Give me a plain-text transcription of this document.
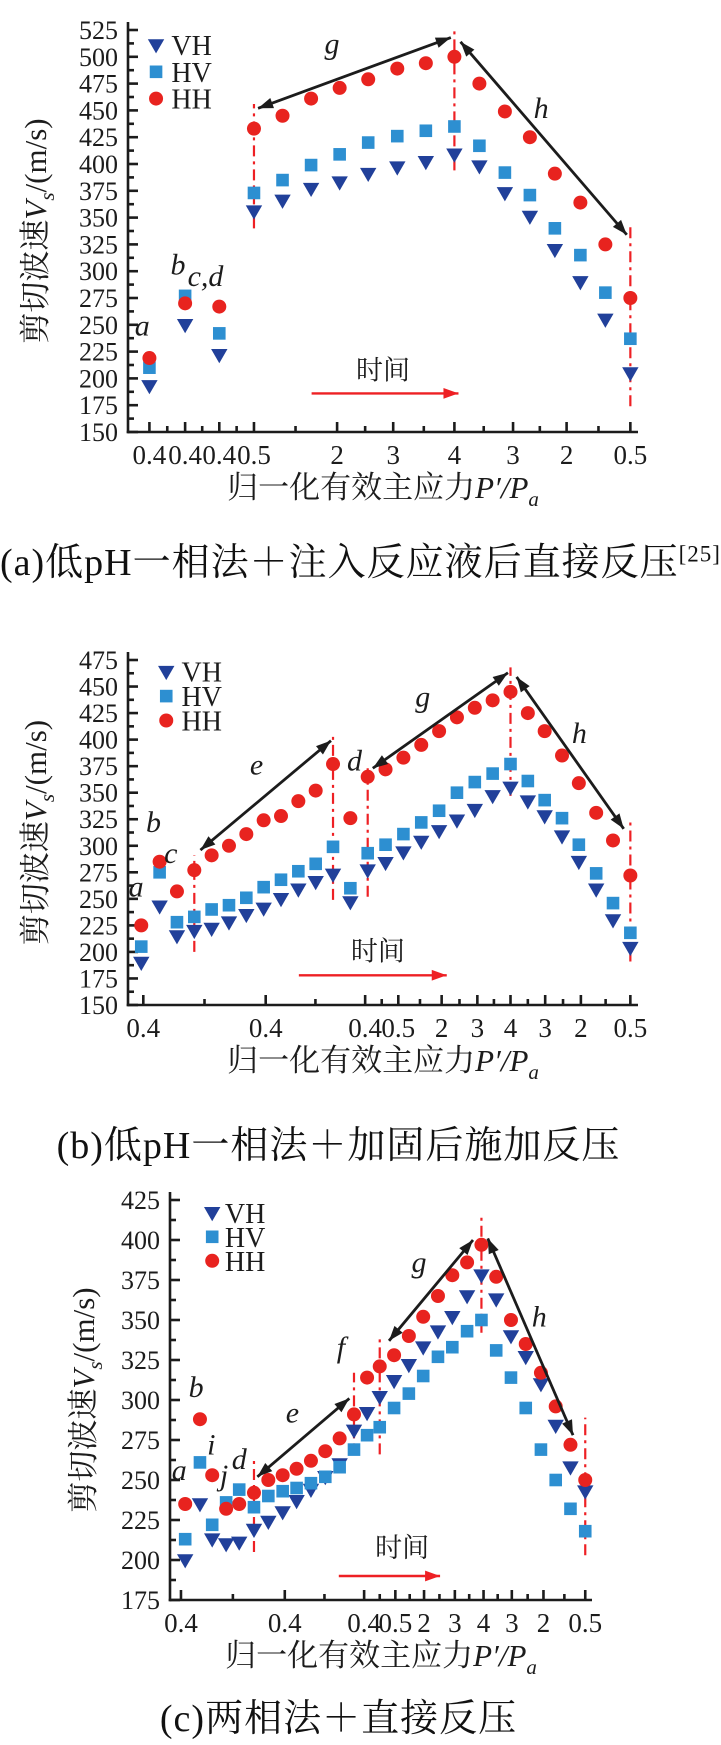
150
175
200
225
250
275
300
325
350
375
400
425
450
475
500
525
0.4 0.4 0.4 0.5 2 3 4 3 2 0.5
剪切波速$V_s/(m/s)$
归一化有效主应力$P'/P_a$
时间
a
b c,d
g
h
VH
HV
HH
(a)低pH一相法＋注入反应液后直接反压[25]
150
175
200
225
250
275
300
325
350
375
400
425
450
475
0.4	0.4 0.4 0.5 2 3 4 3 2 0.5
剪切波速$V_s/(m/s)$
归一化有效主应力$P'/P_a$
时间
a
b
c
d
e
g
h
VH
HV
HH
(b)低pH一相法＋加固后施加反压
175
200
225
250
275
300
325
350
375
400
425
0.4	0.4 0.4
0.5 2 3 4 3 2 0.5
剪切波速$V_s/(m/s)$
归一化有效主应力$P'/P_a$
时间
a
b
i
j d
e
f
g
h
VH
HV
HH
(c)两相法＋直接反压
